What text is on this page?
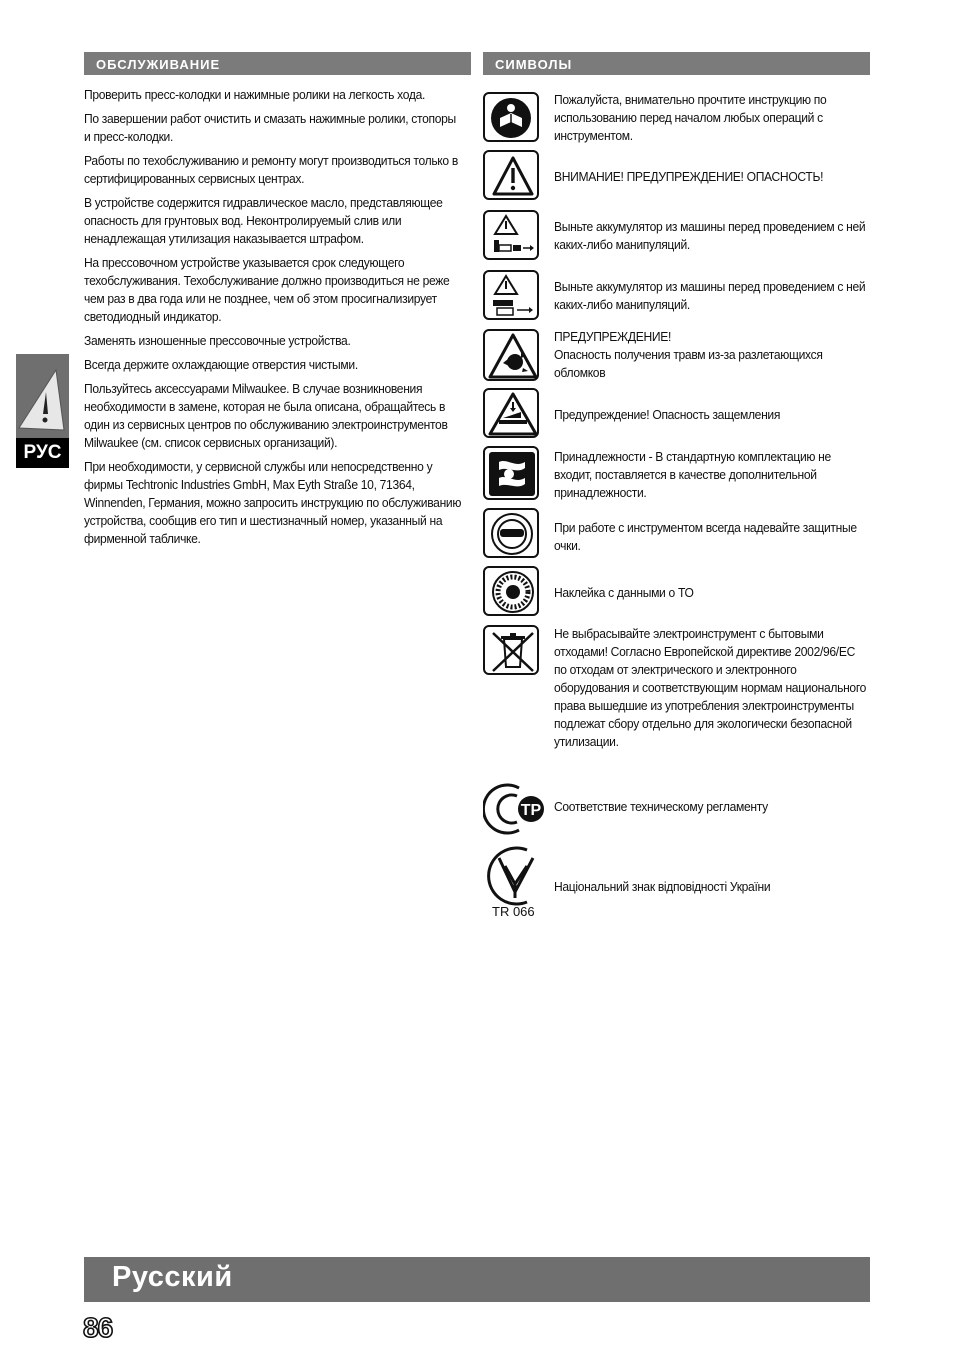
ОБСЛУЖИВАНИЕ

Проверить пресс-колодки и нажимные ролики на легкость хода.

По завершении работ очистить и смазать нажимные ролики, стопоры и пресс-колодки.

Работы по техобслуживанию и ремонту могут производиться только в сертифицированных сервисных центрах.

В устройстве содержится гидравлическое масло, представляющее опасность для грунтовых вод. Неконтролируемый слив или ненадлежащая утилизация наказывается штрафом.

На прессовочном устройстве указывается срок следующего техобслуживания. Техобслуживание должно производиться не реже чем раз в два года или не позднее, чем об этом просигнализирует светодиодный индикатор.

Заменять изношенные прессовочные устройства.

Всегда держите охлаждающие отверстия чистыми.

Пользуйтесь аксессуарами Milwaukee. В случае возникновения необходимости в замене, которая не была описана, обращайтесь в один из сервисных центров по обслуживанию электроинструментов Milwaukee (см. список сервисных организаций).

При необходимости, у сервисной службы или непосредственно у фирмы Techtronic Industries GmbH, Max Eyth Straße 10, 71364, Winnenden, Германия, можно запросить инструкцию по обслуживанию устройства, сообщив его тип и шестизначный номер, указанный на фирменной табличке.

СИМВОЛЫ
Пожалуйста, внимательно прочтите инструкцию по использованию перед началом любых операций с инструментом.
ВНИМАНИЕ! ПРЕДУПРЕЖДЕНИЕ! ОПАСНОСТЬ!
Выньте аккумулятор из машины перед проведением с ней каких-либо манипуляций.
Выньте аккумулятор из машины перед проведением с ней каких-либо манипуляций.
ПРЕДУПРЕЖДЕНИЕ!
Опасность получения травм из-за разлетающихся обломков
Предупреждение! Опасность защемления
Принадлежности - В стандартную комплектацию не входит, поставляется в качестве дополнительной принадлежности.
При работе с инструментом всегда надевайте защитные очки.
Наклейка с данными о ТО
Не выбрасывайте электроинструмент с бытовыми отходами! Согласно Европейской директиве 2002/96/ЕС по отходам от электрического и электронного оборудования и соответствующим нормам национального права вышедшие из употребления электроинструменты подлежат сбору отдельно для экологически безопасной утилизации.
TP Соответствие техническому регламенту
TR 066
Національний знак відповідності України
РУС
Русский
86
